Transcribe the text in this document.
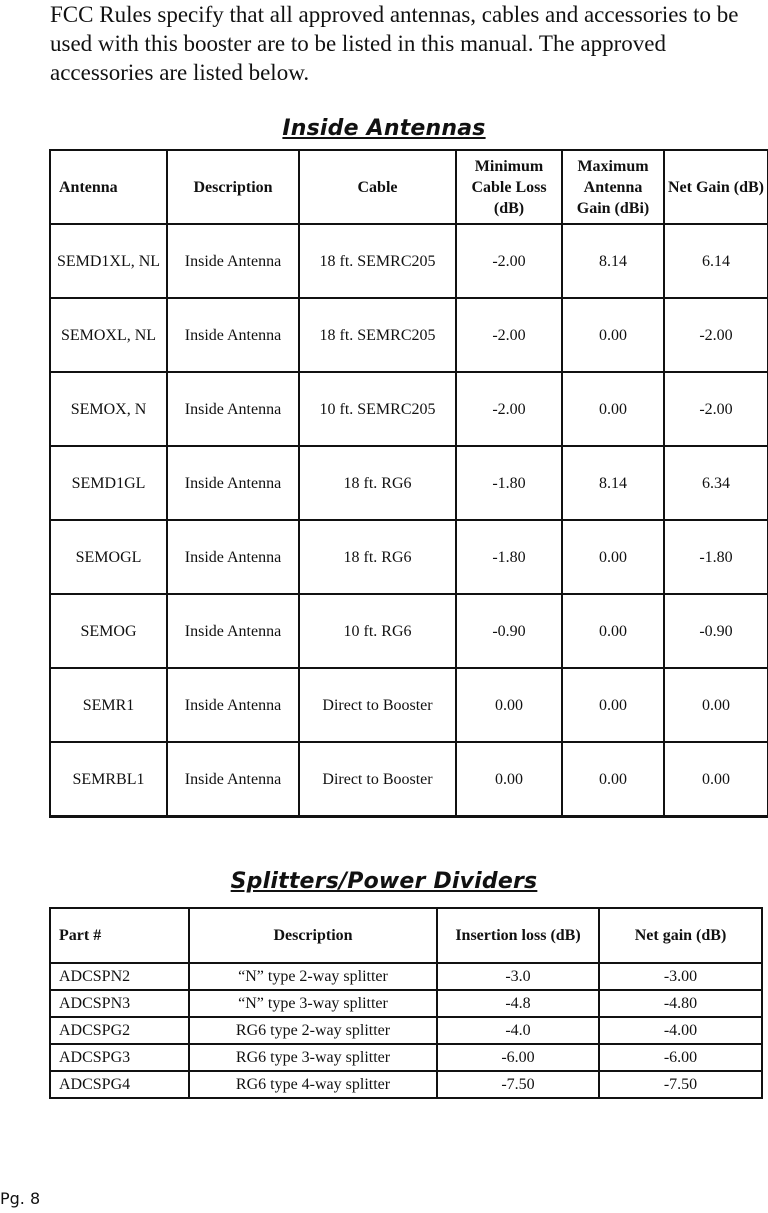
FCC Rules specify that all approved antennas, cables and accessories to be used with this booster are to be listed in this manual. The approved accessories are listed below.

Inside Antennas
Antenna	Description	Cable	Minimum Cable Loss (dB)	Maximum Antenna Gain (dBi)	Net Gain (dB)
SEMD1XL, NL	Inside Antenna	18 ft. SEMRC205	-2.00	8.14	6.14
SEMOXL, NL	Inside Antenna	18 ft. SEMRC205	-2.00	0.00	-2.00
SEMOX, N	Inside Antenna	10 ft. SEMRC205	-2.00	0.00	-2.00
SEMD1GL	Inside Antenna	18 ft. RG6	-1.80	8.14	6.34
SEMOGL	Inside Antenna	18 ft. RG6	-1.80	0.00	-1.80
SEMOG	Inside Antenna	10 ft. RG6	-0.90	0.00	-0.90
SEMR1	Inside Antenna	Direct to Booster	0.00	0.00	0.00
SEMRBL1	Inside Antenna	Direct to Booster	0.00	0.00	0.00
Splitters/Power Dividers
Part #	Description	Insertion loss (dB)	Net gain (dB)
ADCSPN2	“N” type 2-way splitter	-3.0	-3.00
ADCSPN3	“N” type 3-way splitter	-4.8	-4.80
ADCSPG2	RG6 type 2-way splitter	-4.0	-4.00
ADCSPG3	RG6 type 3-way splitter	-6.00	-6.00
ADCSPG4	RG6 type 4-way splitter	-7.50	-7.50

Pg. 8
